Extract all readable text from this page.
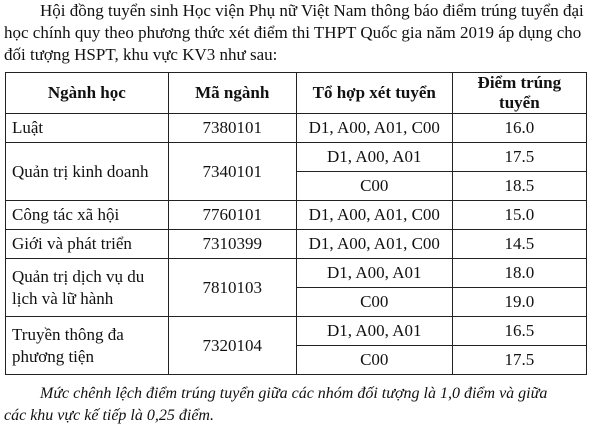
Hội đồng tuyển sinh Học viện Phụ nữ Việt Nam thông báo điểm trúng tuyển đại
học chính quy theo phương thức xét điểm thi THPT Quốc gia năm 2019 áp dụng cho
đối tượng HSPT, khu vực KV3 như sau:
Ngành học	Mã ngành	Tổ hợp xét tuyển	Điểm trúng tuyển
Luật	7380101	D1, A00, A01, C00	16.0
Quản trị kinh doanh	7340101	D1, A00, A01	17.5
		C00	18.5
Công tác xã hội	7760101	D1, A00, A01, C00	15.0
Giới và phát triển	7310399	D1, A00, A01, C00	14.5
Quản trị dịch vụ du lịch và lữ hành	7810103	D1, A00, A01	18.0
		C00	19.0
Truyền thông đa phương tiện	7320104	D1, A00, A01	16.5
		C00	17.5
Mức chênh lệch điểm trúng tuyển giữa các nhóm đối tượng là 1,0 điểm và giữa
các khu vực kế tiếp là 0,25 điểm.
